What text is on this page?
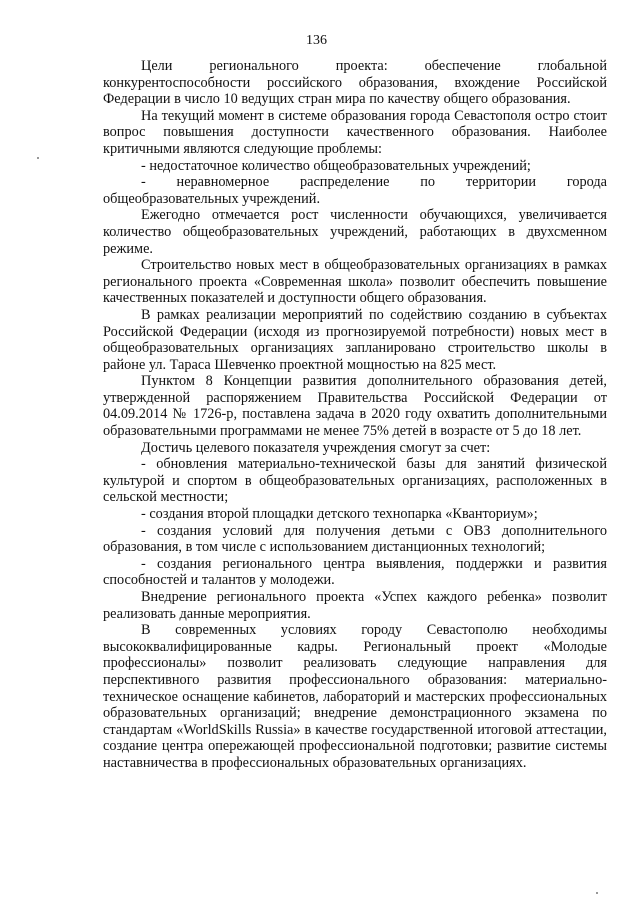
136

Цели регионального проекта: обеспечение глобальной конкурентоспособности российского образования, вхождение Российской Федерации в число 10 ведущих стран мира по качеству общего образования.

На текущий момент в системе образования города Севастополя остро стоит вопрос повышения доступности качественного образования. Наиболее критичными являются следующие проблемы:

- недостаточное количество общеобразовательных учреждений;

- неравномерное распределение по территории города общеобразовательных учреждений.

Ежегодно отмечается рост численности обучающихся, увеличивается количество общеобразовательных учреждений, работающих в двухсменном режиме.

Строительство новых мест в общеобразовательных организациях в рамках регионального проекта «Современная школа» позволит обеспечить повышение качественных показателей и доступности общего образования.

В рамках реализации мероприятий по содействию созданию в субъектах Российской Федерации (исходя из прогнозируемой потребности) новых мест в общеобразовательных организациях запланировано строительство школы в районе ул. Тараса Шевченко проектной мощностью на 825 мест.

Пунктом 8 Концепции развития дополнительного образования детей, утвержденной распоряжением Правительства Российской Федерации от 04.09.2014 № 1726-р, поставлена задача в 2020 году охватить дополнительными образовательными программами не менее 75% детей в возрасте от 5 до 18 лет.

Достичь целевого показателя учреждения смогут за счет:

- обновления материально-технической базы для занятий физической культурой и спортом в общеобразовательных организациях, расположенных в сельской местности;

- создания второй площадки детского технопарка «Кванториум»;

- создания условий для получения детьми с ОВЗ дополнительного образования, в том числе с использованием дистанционных технологий;

- создания регионального центра выявления, поддержки и развития способностей и талантов у молодежи.

Внедрение регионального проекта «Успех каждого ребенка» позволит реализовать данные мероприятия.

В современных условиях городу Севастополю необходимы высококвалифицированные кадры. Региональный проект «Молодые профессионалы» позволит реализовать следующие направления для перспективного развития профессионального образования: материально-техническое оснащение кабинетов, лабораторий и мастерских профессиональных образовательных организаций; внедрение демонстрационного экзамена по стандартам «WorldSkills Russia» в качестве государственной итоговой аттестации, создание центра опережающей профессиональной подготовки; развитие системы наставничества в профессиональных образовательных организациях.
